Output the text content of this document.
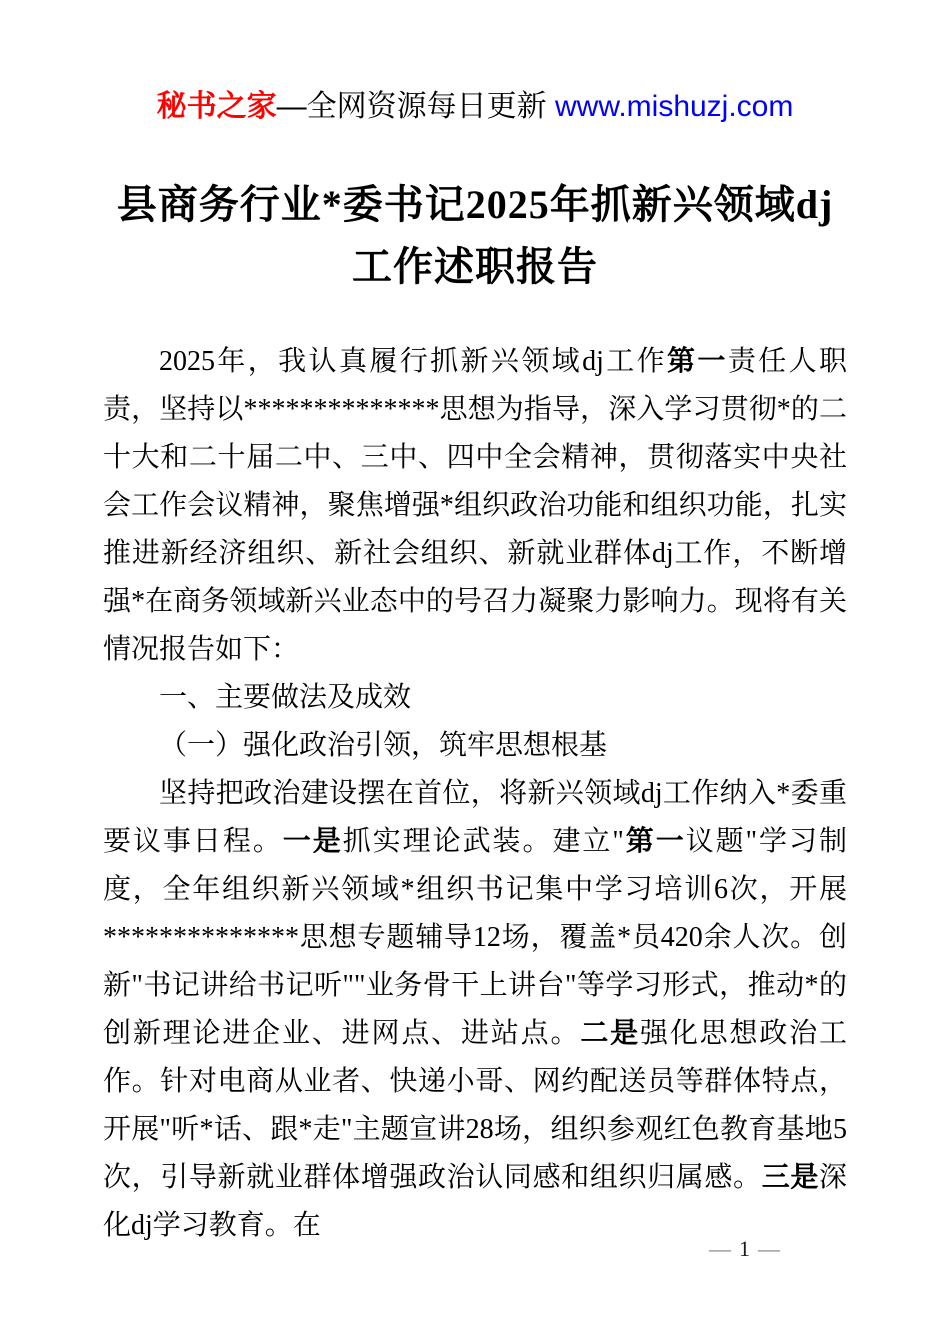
秘书之家—全网资源每日更新 www.mishuzj.com
县商务行业*委书记2025年抓新兴领域dj工作述职报告

2025年，我认真履行抓新兴领域dj工作第一责任人职责，坚持以**************思想为指导，深入学习贯彻*的二十大和二十届二中、三中、四中全会精神，贯彻落实中央社会工作会议精神，聚焦增强*组织政治功能和组织功能，扎实推进新经济组织、新社会组织、新就业群体dj工作，不断增强*在商务领域新兴业态中的号召力凝聚力影响力。现将有关情况报告如下：

一、主要做法及成效

（一）强化政治引领，筑牢思想根基

坚持把政治建设摆在首位，将新兴领域dj工作纳入*委重要议事日程。一是抓实理论武装。建立"第一议题"学习制度，全年组织新兴领域*组织书记集中学习培训6次，开展**************思想专题辅导12场，覆盖*员420余人次。创新"书记讲给书记听""业务骨干上讲台"等学习形式，推动*的创新理论进企业、进网点、进站点。二是强化思想政治工作。针对电商从业者、快递小哥、网约配送员等群体特点，开展"听*话、跟*走"主题宣讲28场，组织参观红色教育基地5次，引导新就业群体增强政治认同感和组织归属感。三是深化dj学习教育。在

— 1 —
